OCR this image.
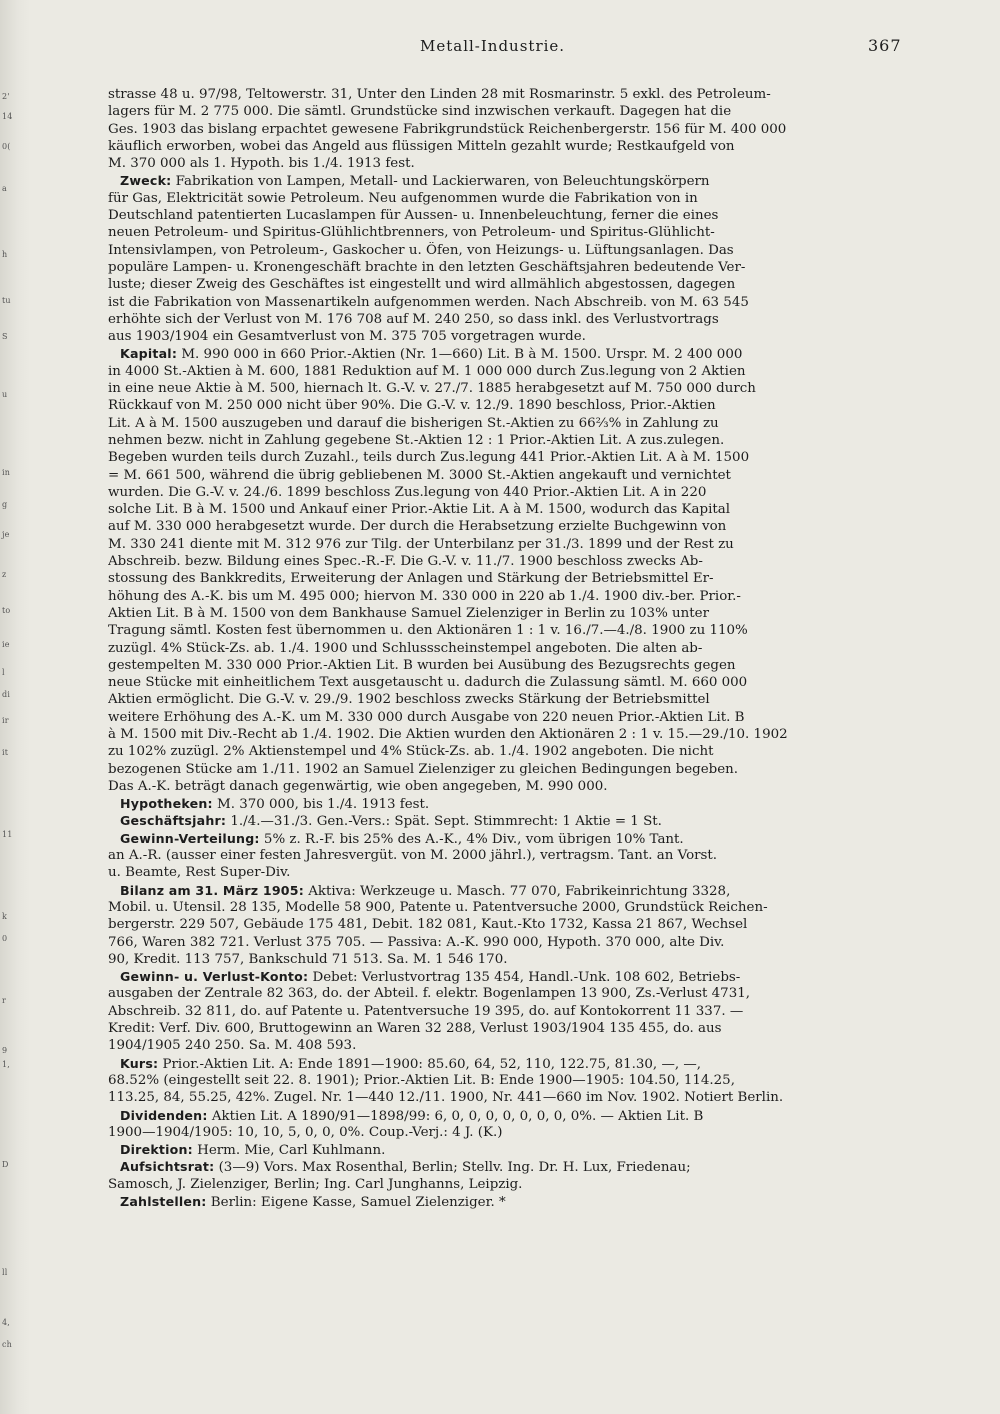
2'
14
0(
a
h
tu
S
u
in
g
je
z
to
ie
l
di
ir
it
11
k
0
r
9
1,
D
ll
4,
ch
Metall-Industrie.	367
strasse 48 u. 97/98, Teltowerstr. 31, Unter den Linden 28 mit Rosmarinstr. 5 exkl. des Petroleum-
lagers für M. 2 775 000. Die sämtl. Grundstücke sind inzwischen verkauft. Dagegen hat die
Ges. 1903 das bislang erpachtet gewesene Fabrikgrundstück Reichenbergerstr. 156 für M. 400 000
käuflich erworben, wobei das Angeld aus flüssigen Mitteln gezahlt wurde; Restkaufgeld von
M. 370 000 als 1. Hypoth. bis 1./4. 1913 fest.
Zweck: Fabrikation von Lampen, Metall- und Lackierwaren, von Beleuchtungskörpern
für Gas, Elektricität sowie Petroleum. Neu aufgenommen wurde die Fabrikation von in
Deutschland patentierten Lucaslampen für Aussen- u. Innenbeleuchtung, ferner die eines
neuen Petroleum- und Spiritus-Glühlichtbrenners, von Petroleum- und Spiritus-Glühlicht-
Intensivlampen, von Petroleum-, Gaskocher u. Öfen, von Heizungs- u. Lüftungsanlagen. Das
populäre Lampen- u. Kronengeschäft brachte in den letzten Geschäftsjahren bedeutende Ver-
luste; dieser Zweig des Geschäftes ist eingestellt und wird allmählich abgestossen, dagegen
ist die Fabrikation von Massenartikeln aufgenommen werden. Nach Abschreib. von M. 63 545
erhöhte sich der Verlust von M. 176 708 auf M. 240 250, so dass inkl. des Verlustvortrags
aus 1903/1904 ein Gesamtverlust von M. 375 705 vorgetragen wurde.
Kapital: M. 990 000 in 660 Prior.-Aktien (Nr. 1—660) Lit. B à M. 1500. Urspr. M. 2 400 000
in 4000 St.-Aktien à M. 600, 1881 Reduktion auf M. 1 000 000 durch Zus.legung von 2 Aktien
in eine neue Aktie à M. 500, hiernach lt. G.-V. v. 27./7. 1885 herabgesetzt auf M. 750 000 durch
Rückkauf von M. 250 000 nicht über 90%. Die G.-V. v. 12./9. 1890 beschloss, Prior.-Aktien
Lit. A à M. 1500 auszugeben und darauf die bisherigen St.-Aktien zu 66⅔% in Zahlung zu
nehmen bezw. nicht in Zahlung gegebene St.-Aktien 12 : 1 Prior.-Aktien Lit. A zus.zulegen.
Begeben wurden teils durch Zuzahl., teils durch Zus.legung 441 Prior.-Aktien Lit. A à M. 1500
= M. 661 500, während die übrig gebliebenen M. 3000 St.-Aktien angekauft und vernichtet
wurden. Die G.-V. v. 24./6. 1899 beschloss Zus.legung von 440 Prior.-Aktien Lit. A in 220
solche Lit. B à M. 1500 und Ankauf einer Prior.-Aktie Lit. A à M. 1500, wodurch das Kapital
auf M. 330 000 herabgesetzt wurde. Der durch die Herabsetzung erzielte Buchgewinn von
M. 330 241 diente mit M. 312 976 zur Tilg. der Unterbilanz per 31./3. 1899 und der Rest zu
Abschreib. bezw. Bildung eines Spec.-R.-F. Die G.-V. v. 11./7. 1900 beschloss zwecks Ab-
stossung des Bankkredits, Erweiterung der Anlagen und Stärkung der Betriebsmittel Er-
höhung des A.-K. bis um M. 495 000; hiervon M. 330 000 in 220 ab 1./4. 1900 div.-ber. Prior.-
Aktien Lit. B à M. 1500 von dem Bankhause Samuel Zielenziger in Berlin zu 103% unter
Tragung sämtl. Kosten fest übernommen u. den Aktionären 1 : 1 v. 16./7.—4./8. 1900 zu 110%
zuzügl. 4% Stück-Zs. ab. 1./4. 1900 und Schlussscheinstempel angeboten. Die alten ab-
gestempelten M. 330 000 Prior.-Aktien Lit. B wurden bei Ausübung des Bezugsrechts gegen
neue Stücke mit einheitlichem Text ausgetauscht u. dadurch die Zulassung sämtl. M. 660 000
Aktien ermöglicht. Die G.-V. v. 29./9. 1902 beschloss zwecks Stärkung der Betriebsmittel
weitere Erhöhung des A.-K. um M. 330 000 durch Ausgabe von 220 neuen Prior.-Aktien Lit. B
à M. 1500 mit Div.-Recht ab 1./4. 1902. Die Aktien wurden den Aktionären 2 : 1 v. 15.—29./10. 1902
zu 102% zuzügl. 2% Aktienstempel und 4% Stück-Zs. ab. 1./4. 1902 angeboten. Die nicht
bezogenen Stücke am 1./11. 1902 an Samuel Zielenziger zu gleichen Bedingungen begeben.
Das A.-K. beträgt danach gegenwärtig, wie oben angegeben, M. 990 000.
Hypotheken: M. 370 000, bis 1./4. 1913 fest.
Geschäftsjahr: 1./4.—31./3. Gen.-Vers.: Spät. Sept. Stimmrecht: 1 Aktie = 1 St.
Gewinn-Verteilung: 5% z. R.-F. bis 25% des A.-K., 4% Div., vom übrigen 10% Tant.
an A.-R. (ausser einer festen Jahresvergüt. von M. 2000 jährl.), vertragsm. Tant. an Vorst.
u. Beamte, Rest Super-Div.
Bilanz am 31. März 1905: Aktiva: Werkzeuge u. Masch. 77 070, Fabrikeinrichtung 3328,
Mobil. u. Utensil. 28 135, Modelle 58 900, Patente u. Patentversuche 2000, Grundstück Reichen-
bergerstr. 229 507, Gebäude 175 481, Debit. 182 081, Kaut.-Kto 1732, Kassa 21 867, Wechsel
766, Waren 382 721. Verlust 375 705. — Passiva: A.-K. 990 000, Hypoth. 370 000, alte Div.
90, Kredit. 113 757, Bankschuld 71 513. Sa. M. 1 546 170.
Gewinn- u. Verlust-Konto: Debet: Verlustvortrag 135 454, Handl.-Unk. 108 602, Betriebs-
ausgaben der Zentrale 82 363, do. der Abteil. f. elektr. Bogenlampen 13 900, Zs.-Verlust 4731,
Abschreib. 32 811, do. auf Patente u. Patentversuche 19 395, do. auf Kontokorrent 11 337. —
Kredit: Verf. Div. 600, Bruttogewinn an Waren 32 288, Verlust 1903/1904 135 455, do. aus
1904/1905 240 250. Sa. M. 408 593.
Kurs: Prior.-Aktien Lit. A: Ende 1891—1900: 85.60, 64, 52, 110, 122.75, 81.30, —, —,
68.52% (eingestellt seit 22. 8. 1901); Prior.-Aktien Lit. B: Ende 1900—1905: 104.50, 114.25,
113.25, 84, 55.25, 42%. Zugel. Nr. 1—440 12./11. 1900, Nr. 441—660 im Nov. 1902. Notiert Berlin.
Dividenden: Aktien Lit. A 1890/91—1898/99: 6, 0, 0, 0, 0, 0, 0, 0, 0%. — Aktien Lit. B
1900—1904/1905: 10, 10, 5, 0, 0, 0%. Coup.-Verj.: 4 J. (K.)
Direktion: Herm. Mie, Carl Kuhlmann.
Aufsichtsrat: (3—9) Vors. Max Rosenthal, Berlin; Stellv. Ing. Dr. H. Lux, Friedenau;
Samosch, J. Zielenziger, Berlin; Ing. Carl Junghanns, Leipzig.
Zahlstellen: Berlin: Eigene Kasse, Samuel Zielenziger. *
